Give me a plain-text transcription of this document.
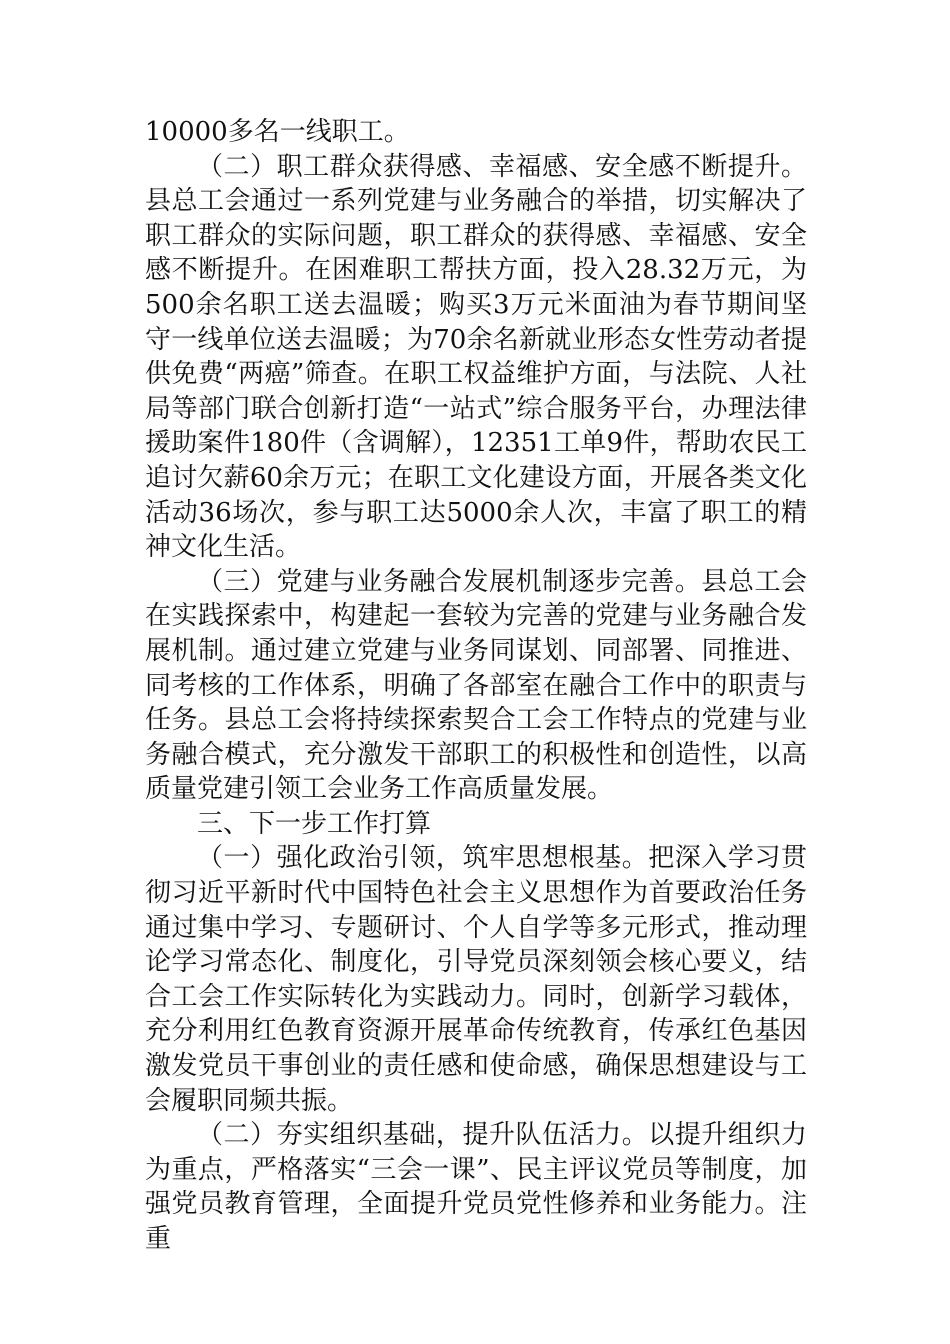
10000多名一线职工。

（二）职工群众获得感、幸福感、安全感不断提升。县总工会通过一系列党建与业务融合的举措，切实解决了职工群众的实际问题，职工群众的获得感、幸福感、安全感不断提升。在困难职工帮扶方面，投入28.32万元，为500余名职工送去温暖；购买3万元米面油为春节期间坚守一线单位送去温暖；为70余名新就业形态女性劳动者提供免费“两癌”筛查。在职工权益维护方面，与法院、人社局等部门联合创新打造“一站式”综合服务平台，办理法律援助案件180件（含调解），12351工单9件，帮助农民工追讨欠薪60余万元；在职工文化建设方面，开展各类文化活动36场次，参与职工达5000余人次，丰富了职工的精神文化生活。

（三）党建与业务融合发展机制逐步完善。县总工会在实践探索中，构建起一套较为完善的党建与业务融合发展机制。通过建立党建与业务同谋划、同部署、同推进、同考核的工作体系，明确了各部室在融合工作中的职责与任务。县总工会将持续探索契合工会工作特点的党建与业务融合模式，充分激发干部职工的积极性和创造性，以高质量党建引领工会业务工作高质量发展。

三、下一步工作打算

（一）强化政治引领，筑牢思想根基。把深入学习贯彻习近平新时代中国特色社会主义思想作为首要政治任务通过集中学习、专题研讨、个人自学等多元形式，推动理论学习常态化、制度化，引导党员深刻领会核心要义，结合工会工作实际转化为实践动力。同时，创新学习载体，充分利用红色教育资源开展革命传统教育，传承红色基因激发党员干事创业的责任感和使命感，确保思想建设与工会履职同频共振。

（二）夯实组织基础，提升队伍活力。以提升组织力为重点，严格落实“三会一课”、民主评议党员等制度，加强党员教育管理，全面提升党员党性修养和业务能力。注重
